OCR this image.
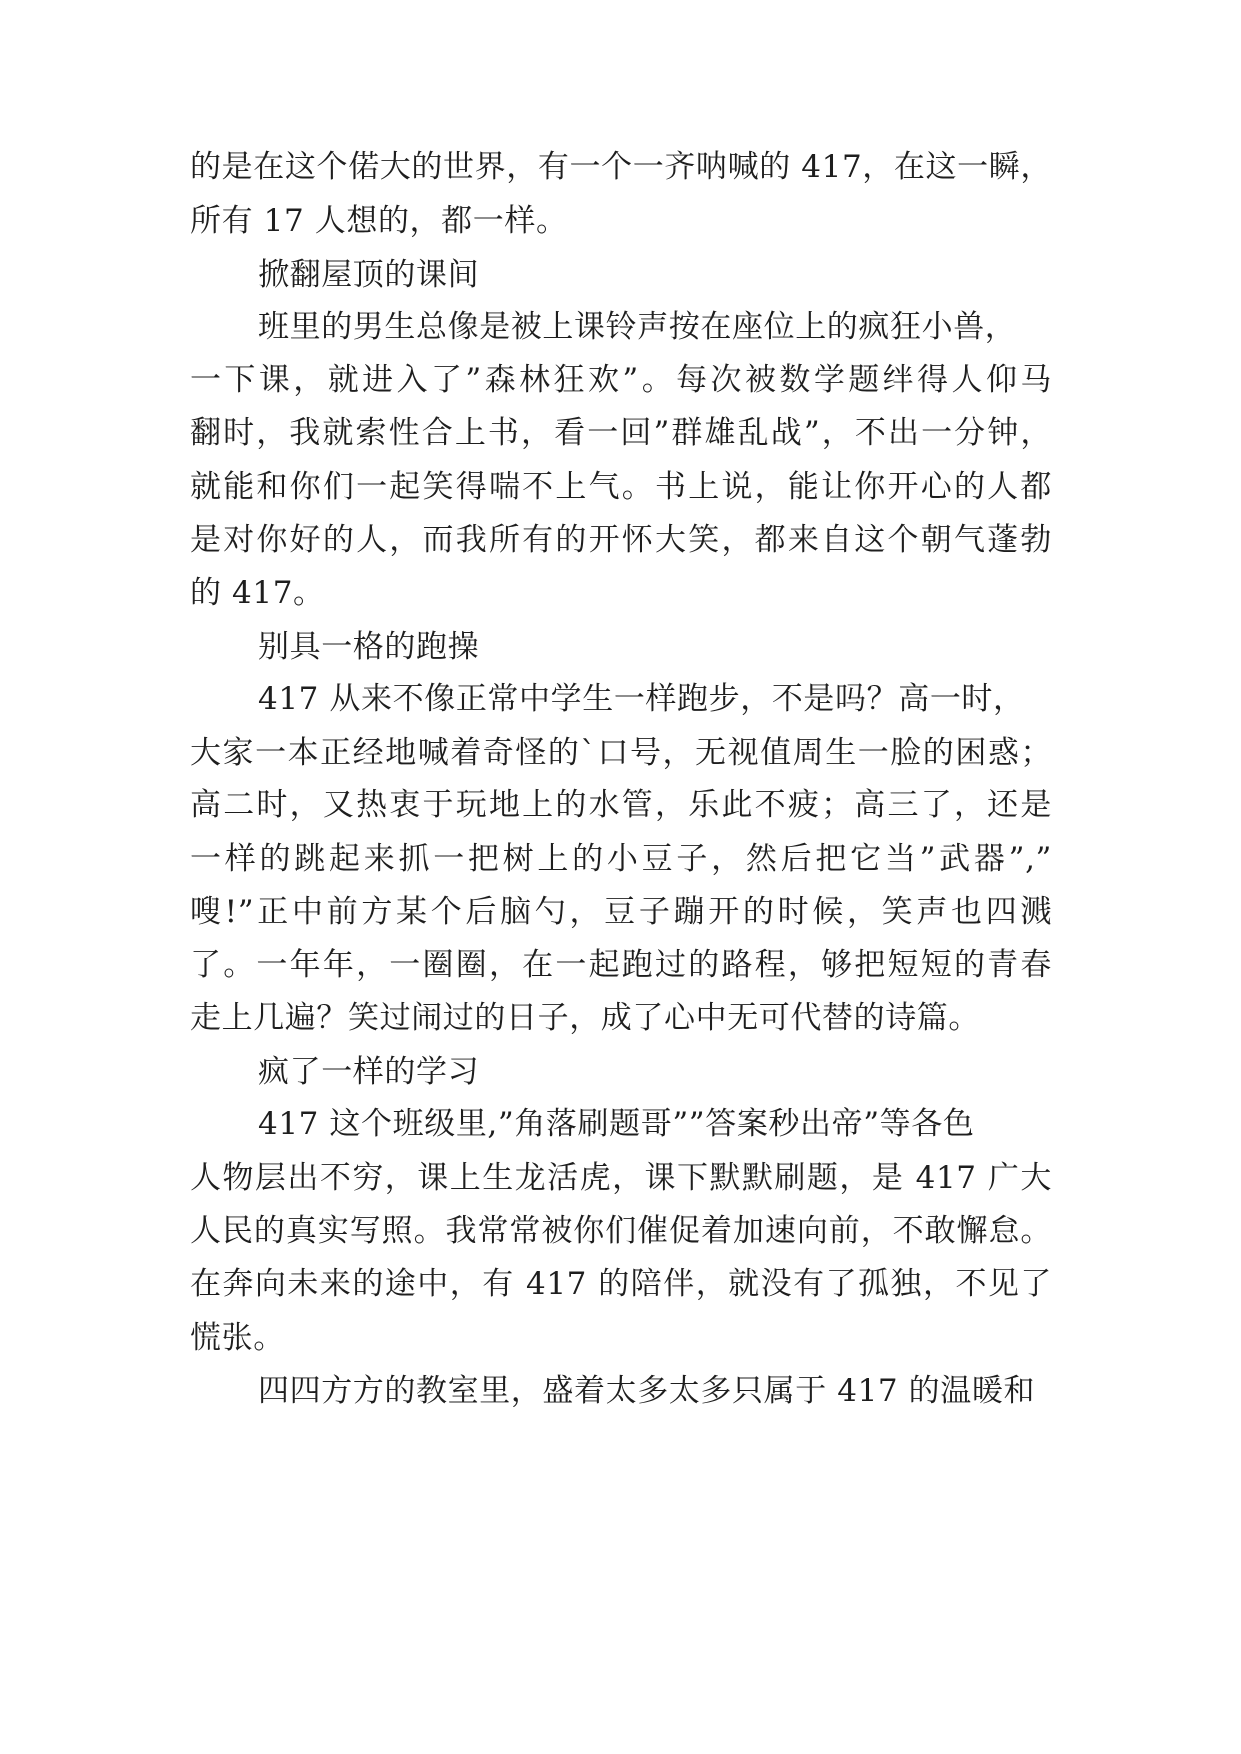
的是在这个偌大的世界，有一个一齐呐喊的 417，在这一瞬，
所有 17 人想的，都一样。
掀翻屋顶的课间
班里的男生总像是被上课铃声按在座位上的疯狂小兽，
一下课，就进入了”森林狂欢”。每次被数学题绊得人仰马
翻时，我就索性合上书，看一回”群雄乱战”，不出一分钟，
就能和你们一起笑得喘不上气。书上说，能让你开心的人都
是对你好的人，而我所有的开怀大笑，都来自这个朝气蓬勃
的 417。
别具一格的跑操
417 从来不像正常中学生一样跑步，不是吗？高一时，
大家一本正经地喊着奇怪的`口号，无视值周生一脸的困惑；
高二时，又热衷于玩地上的水管，乐此不疲；高三了，还是
一样的跳起来抓一把树上的小豆子，然后把它当”武器”,”
嗖!”正中前方某个后脑勺，豆子蹦开的时候，笑声也四溅
了。一年年，一圈圈，在一起跑过的路程，够把短短的青春
走上几遍？笑过闹过的日子，成了心中无可代替的诗篇。
疯了一样的学习
417 这个班级里,”角落刷题哥””答案秒出帝”等各色
人物层出不穷，课上生龙活虎，课下默默刷题，是 417 广大
人民的真实写照。我常常被你们催促着加速向前，不敢懈怠。
在奔向未来的途中，有 417 的陪伴，就没有了孤独，不见了
慌张。
四四方方的教室里，盛着太多太多只属于 417 的温暖和
